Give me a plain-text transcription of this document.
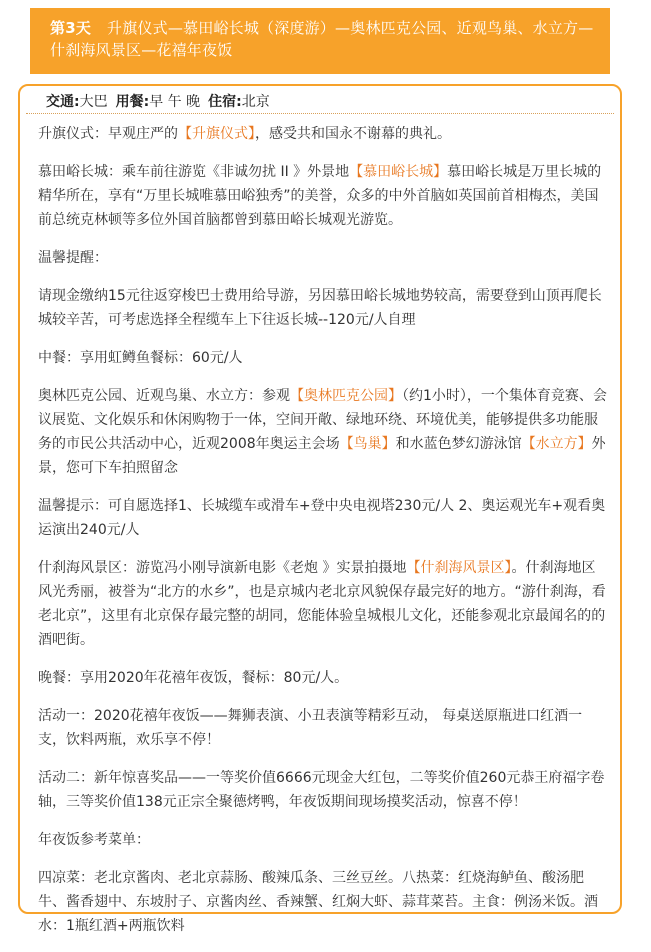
第3天 升旗仪式—慕田峪长城（深度游）—奥林匹克公园、近观鸟巢、水立方— 什刹海风景区—花禧年夜饭
交通:大巴 用餐:早 午 晚 住宿:北京

升旗仪式：早观庄严的【升旗仪式】，感受共和国永不谢幕的典礼。

慕田峪长城：乘车前往游览《非诚勿扰 II 》外景地【慕田峪长城】慕田峪长城是万里长城的精华所在，享有“万里长城唯慕田峪独秀”的美誉，众多的中外首脑如英国前首相梅杰，美国前总统克林顿等多位外国首脑都曾到慕田峪长城观光游览。

温馨提醒：

请现金缴纳15元往返穿梭巴士费用给导游，另因慕田峪长城地势较高，需要登到山顶再爬长城较辛苦，可考虑选择全程缆车上下往返长城--120元/人自理

中餐：享用虹鳟鱼餐标：60元/人

奥林匹克公园、近观鸟巢、水立方：参观【奥林匹克公园】（约1小时），一个集体育竞赛、会议展览、文化娱乐和休闲购物于一体，空间开敞、绿地环绕、环境优美，能够提供多功能服务的市民公共活动中心，近观2008年奥运主会场【鸟巢】和水蓝色梦幻游泳馆【水立方】外景，您可下车拍照留念

温馨提示：可自愿选择1、长城缆车或滑车+登中央电视塔230元/人 2、奥运观光车+观看奥运演出240元/人

什刹海风景区：游览冯小刚导演新电影《老炮 》实景拍摄地【什刹海风景区】。什刹海地区风光秀丽，被誉为“北方的水乡”，也是京城内老北京风貌保存最完好的地方。“游什刹海，看老北京”，这里有北京保存最完整的胡同，您能体验皇城根儿文化，还能参观北京最闻名的的酒吧街。

晚餐：享用2020年花禧年夜饭，餐标：80元/人。

活动一：2020花禧年夜饭——舞狮表演、小丑表演等精彩互动， 每桌送原瓶进口红酒一支，饮料两瓶，欢乐享不停！

活动二：新年惊喜奖品——一等奖价值6666元现金大红包，二等奖价值260元恭王府福字卷轴，三等奖价值138元正宗全聚德烤鸭，年夜饭期间现场摸奖活动，惊喜不停！

年夜饭参考菜单：

四凉菜：老北京酱肉、老北京蒜肠、酸辣瓜条、三丝豆丝。八热菜：红烧海鲈鱼、酸汤肥牛、酱香翅中、东坡肘子、京酱肉丝、香辣蟹、红焖大虾、蒜茸菜苔。主食：例汤米饭。酒水：1瓶红酒+两瓶饮料
